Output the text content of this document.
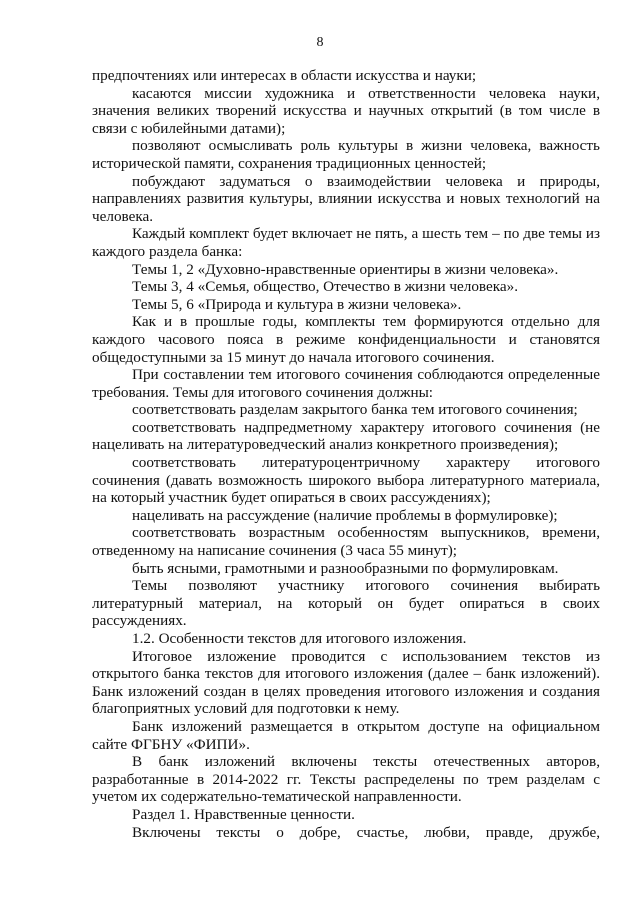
8

предпочтениях или интересах в области искусства и науки;

касаются миссии художника и ответственности человека науки, значения великих творений искусства и научных открытий (в том числе в связи с юбилейными датами);

позволяют осмысливать роль культуры в жизни человека, важность исторической памяти, сохранения традиционных ценностей;

побуждают задуматься о взаимодействии человека и природы, направлениях развития культуры, влиянии искусства и новых технологий на человека.

Каждый комплект будет включает не пять, а шесть тем – по две темы из каждого раздела банка:

Темы 1, 2 «Духовно-нравственные ориентиры в жизни человека».

Темы 3, 4 «Семья, общество, Отечество в жизни человека».

Темы 5, 6 «Природа и культура в жизни человека».

Как и в прошлые годы, комплекты тем формируются отдельно для каждого часового пояса в режиме конфиденциальности и становятся общедоступными за 15 минут до начала итогового сочинения.

При составлении тем итогового сочинения соблюдаются определенные требования. Темы для итогового сочинения должны:

соответствовать разделам закрытого банка тем итогового сочинения;

соответствовать надпредметному характеру итогового сочинения (не нацеливать на литературоведческий анализ конкретного произведения);

соответствовать литературоцентричному характеру итогового сочинения (давать возможность широкого выбора литературного материала, на который участник будет опираться в своих рассуждениях);

нацеливать на рассуждение (наличие проблемы в формулировке);

соответствовать возрастным особенностям выпускников, времени, отведенному на написание сочинения (3 часа 55 минут);

быть ясными, грамотными и разнообразными по формулировкам.

Темы позволяют участнику итогового сочинения выбирать литературный материал, на который он будет опираться в своих рассуждениях.

1.2. Особенности текстов для итогового изложения.

Итоговое изложение проводится с использованием текстов из открытого банка текстов для итогового изложения (далее – банк изложений). Банк изложений создан в целях проведения итогового изложения и создания благоприятных условий для подготовки к нему.

Банк изложений размещается в открытом доступе на официальном сайте ФГБНУ «ФИПИ».

В банк изложений включены тексты отечественных авторов, разработанные в 2014-2022 гг. Тексты распределены по трем разделам с учетом их содержательно-тематической направленности.

Раздел 1. Нравственные ценности.

Включены тексты о добре, счастье, любви, правде, дружбе,
